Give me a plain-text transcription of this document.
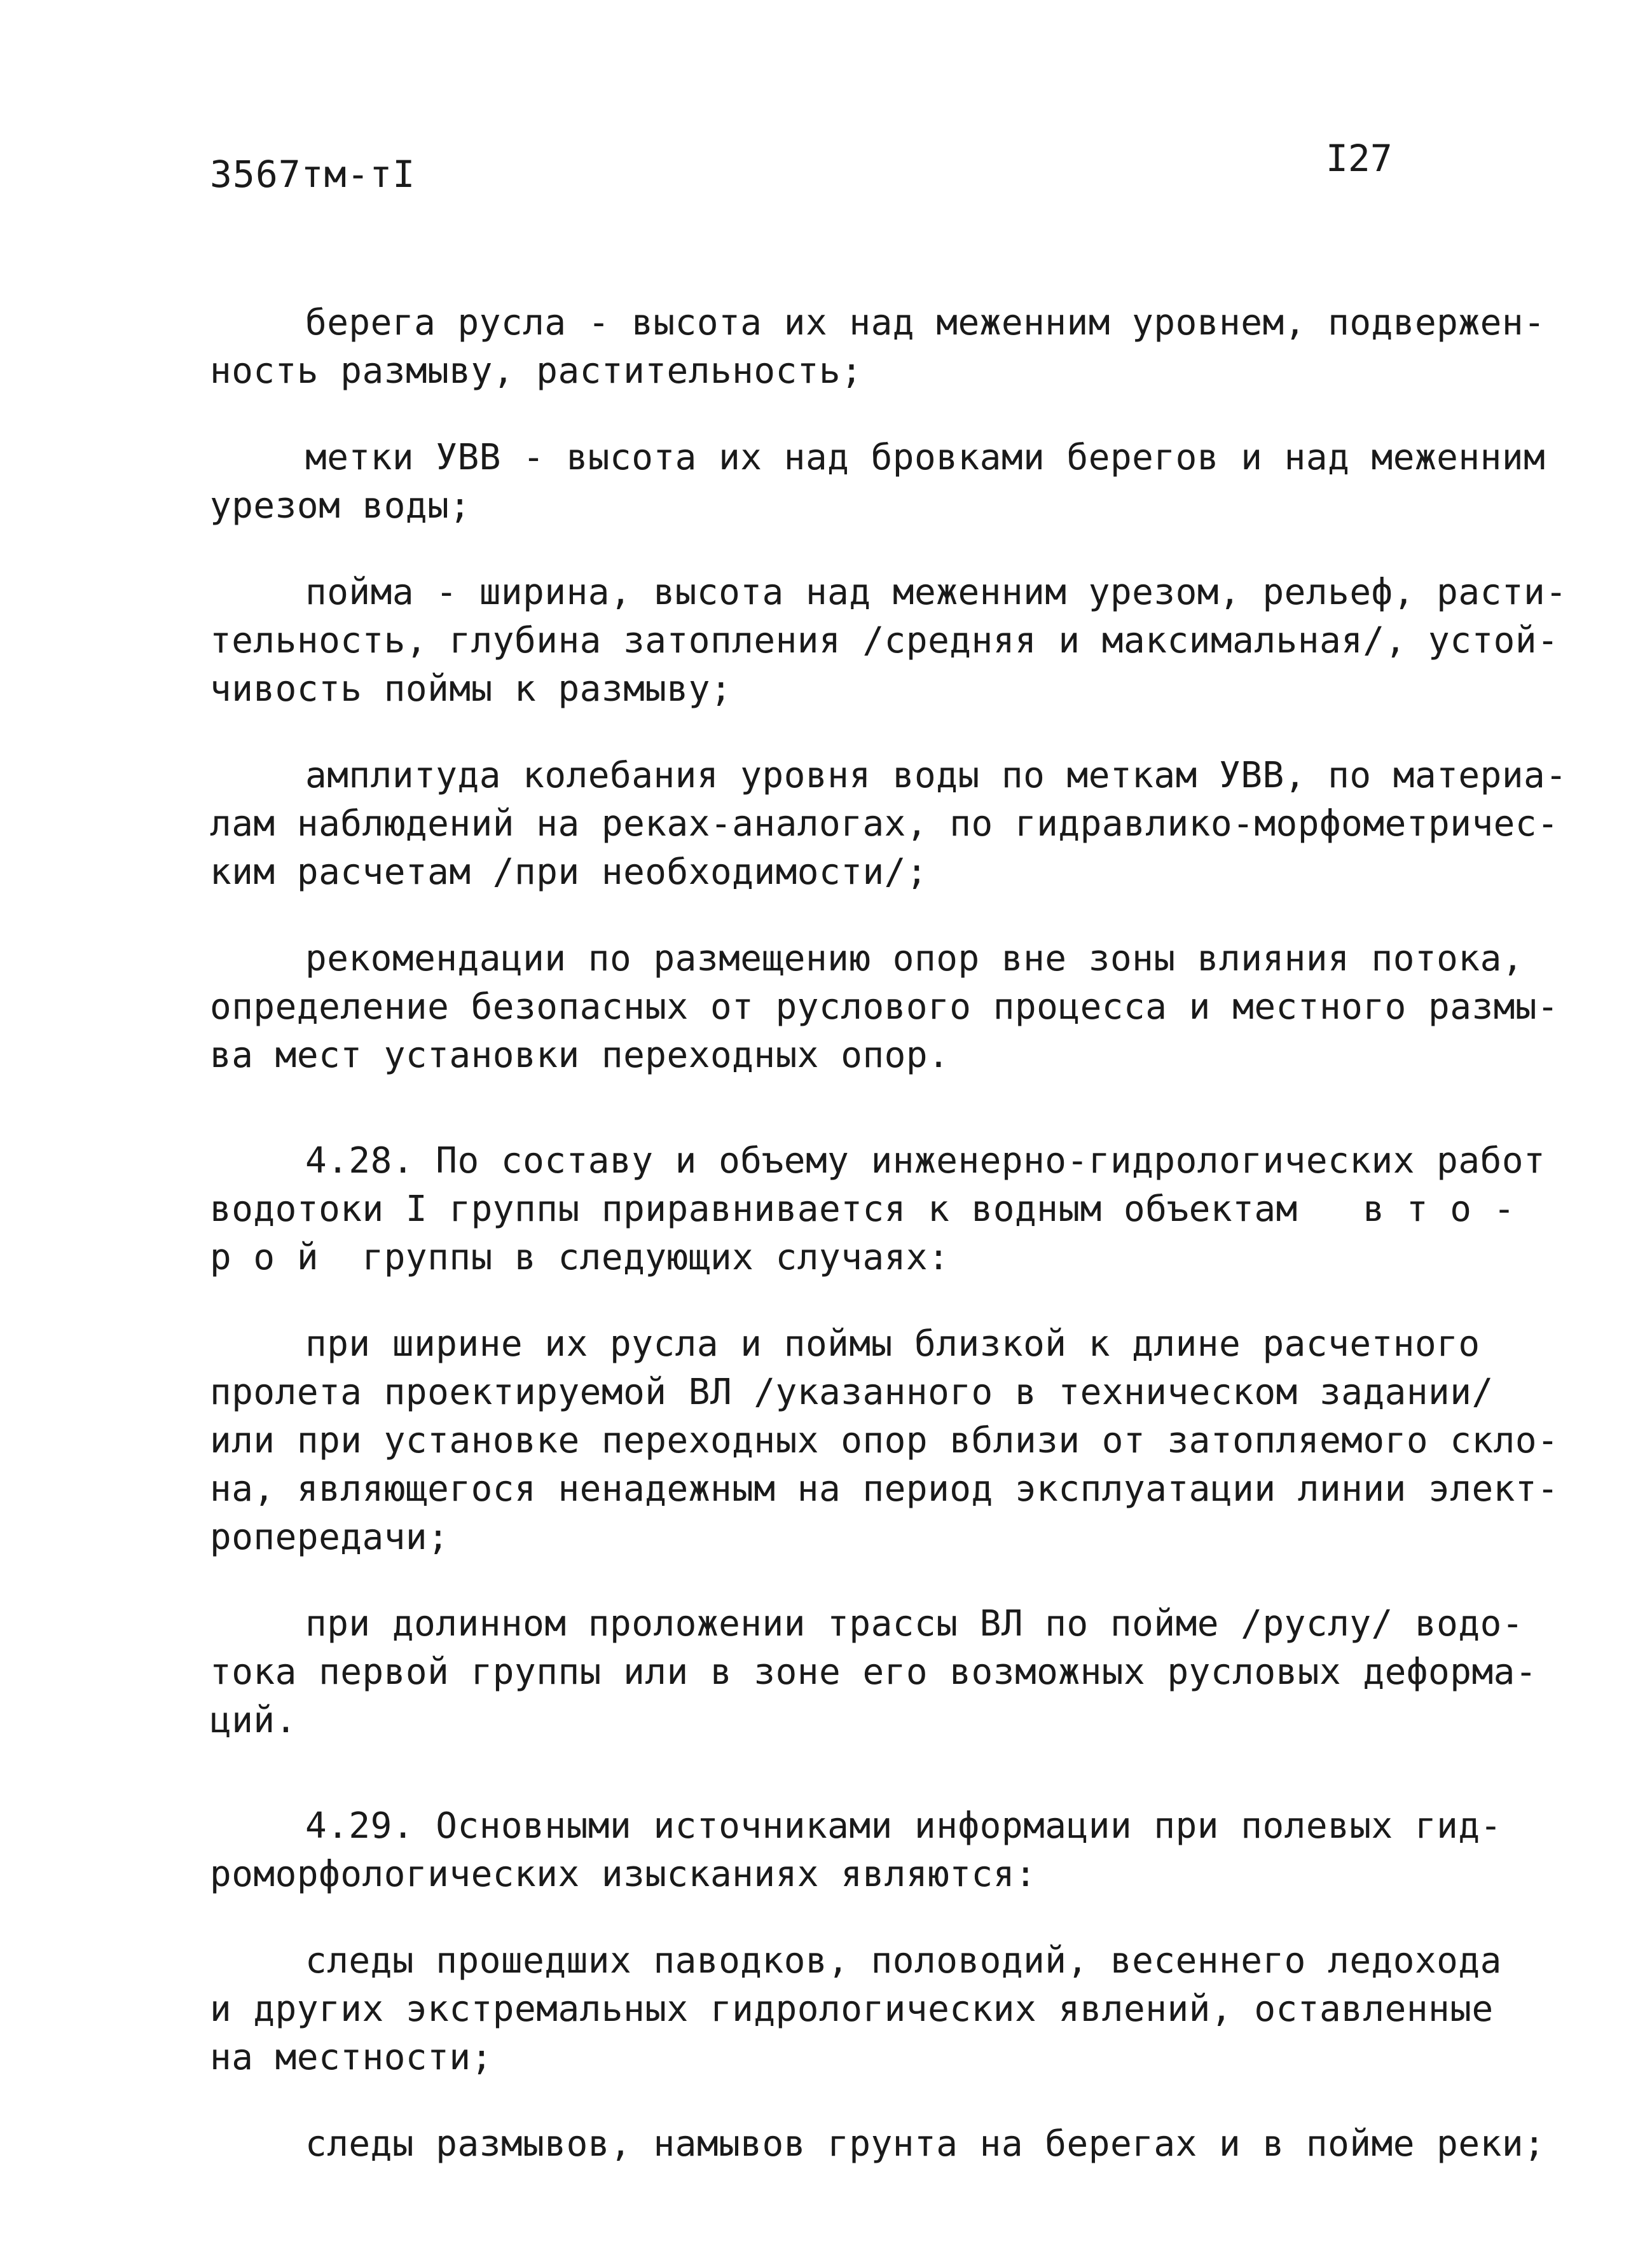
3567тм-тI	I27
берега русла - высота их над меженним уровнем, подвержен-
ность размыву, растительность;
метки УВВ - высота их над бровками берегов и над меженним
урезом воды;
пойма - ширина, высота над меженним урезом, рельеф, расти-
тельность, глубина затопления /средняя и максимальная/, устой-
чивость поймы к размыву;
амплитуда колебания уровня воды по меткам УВВ, по материа-
лам наблюдений на реках-аналогах, по гидравлико-морфометричес-
ким расчетам /при необходимости/;
рекомендации по размещению опор вне зоны влияния потока,
определение безопасных от руслового процесса и местного размы-
ва мест установки переходных опор.
4.28. По составу и объему инженерно-гидрологических работ
водотоки I группы приравнивается к водным объектам   в т о -
р о й  группы в следующих случаях:
при ширине их русла и поймы близкой к длине расчетного
пролета проектируемой ВЛ /указанного в техническом задании/
или при установке переходных опор вблизи от затопляемого скло-
на, являющегося ненадежным на период эксплуатации линии элект-
ропередачи;
при долинном проложении трассы ВЛ по пойме /руслу/ водо-
тока первой группы или в зоне его возможных русловых деформа-
ций.
4.29. Основными источниками информации при полевых гид-
роморфологических изысканиях являются:
следы прошедших паводков, половодий, весеннего ледохода
и других экстремальных гидрологических явлений, оставленные
на местности;
следы размывов, намывов грунта на берегах и в пойме реки;
